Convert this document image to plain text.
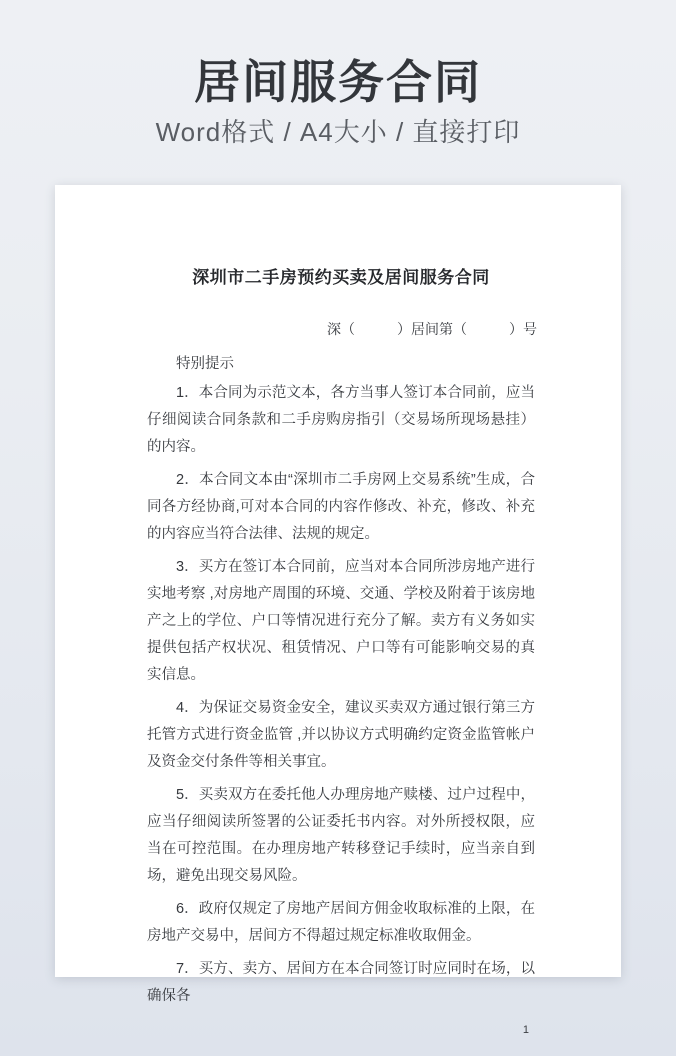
居间服务合同
Word格式 / A4大小 / 直接打印
深圳市二手房预约买卖及居间服务合同
深（　　　）居间第（　　　）号
特别提示

1．本合同为示范文本，各方当事人签订本合同前，应当仔细阅读合同条款和二手房购房指引（交易场所现场悬挂）的内容。

2．本合同文本由“深圳市二手房网上交易系统”生成，合同各方经协商,可对本合同的内容作修改、补充，修改、补充的内容应当符合法律、法规的规定。

3．买方在签订本合同前，应当对本合同所涉房地产进行实地考察 ,对房地产周围的环境、交通、学校及附着于该房地产之上的学位、户口等情况进行充分了解。卖方有义务如实提供包括产权状况、租赁情况、户口等有可能影响交易的真实信息。

4．为保证交易资金安全，建议买卖双方通过银行第三方托管方式进行资金监管 ,并以协议方式明确约定资金监管帐户及资金交付条件等相关事宜。

5．买卖双方在委托他人办理房地产赎楼、过户过程中，应当仔细阅读所签署的公证委托书内容。对外所授权限，应当在可控范围。在办理房地产转移登记手续时，应当亲自到场，避免出现交易风险。

6．政府仅规定了房地产居间方佣金收取标准的上限，在房地产交易中，居间方不得超过规定标准收取佣金。

7．买方、卖方、居间方在本合同签订时应同时在场，以确保各

1
